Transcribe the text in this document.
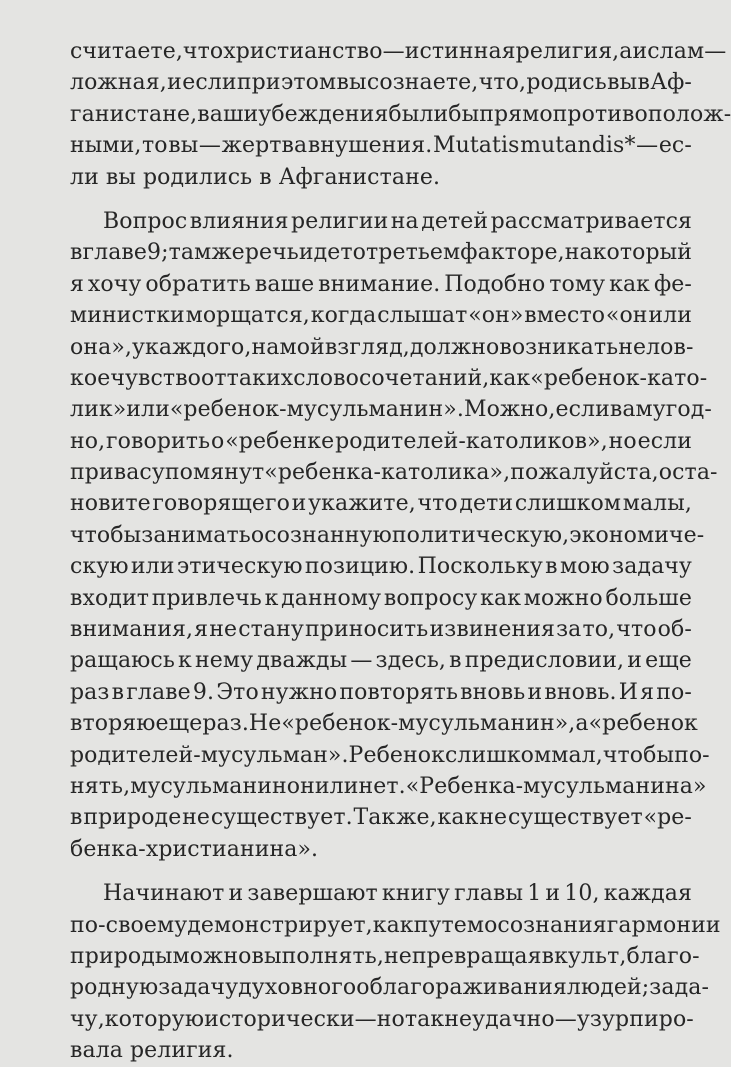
считаете, что христианство — истинная религия, а ислам —
ложная, и если при этом вы сознаете, что, родись вы в Аф-
ганистане, ваши убеждения были бы прямо противополож-
ными, то вы — жертва внушения. Mutatis mutandis* — ес-
ли вы родились в Афганистане.
Вопрос влияния религии на детей рассматривается
в главе 9; там же речь идет о третьем факторе, на который
я хочу обратить ваше внимание. Подобно тому как фе-
министки морщатся, когда слышат «он» вместо «он или
она», у каждого, на мой взгляд, должно возникать нелов-
кое чувство от таких словосочетаний, как «ребенок-като-
лик» или «ребенок-мусульманин». Можно, если вам угод-
но, говорить о «ребенке родителей-католиков», но если
при вас упомянут «ребенка-католика», пожалуйста, оста-
новите говорящего и укажите, что дети слишком малы,
чтобы занимать осознанную политическую, экономиче-
скую или этическую позицию. Поскольку в мою задачу
входит привлечь к данному вопросу как можно больше
внимания, я не стану приносить извинения за то, что об-
ращаюсь к нему дважды — здесь, в предисловии, и еще
раз в главе 9. Это нужно повторять вновь и вновь. И я по-
вторяю еще раз. Не «ребенок-мусульманин», а «ребенок
родителей-мусульман». Ребенок слишком мал, чтобы по-
нять, мусульманин он или нет. «Ребенка-мусульманина»
в природе не существует. Так же, как не существует «ре-
бенка-христианина».
Начинают и завершают книгу главы 1 и 10, каждая
по-своему демонстрирует, как путем осознания гармонии
природы можно выполнять, не превращая в культ, благо-
родную задачу духовного облагораживания людей; зада-
чу, которую исторически — но так неудачно — узурпиро-
вала религия.
